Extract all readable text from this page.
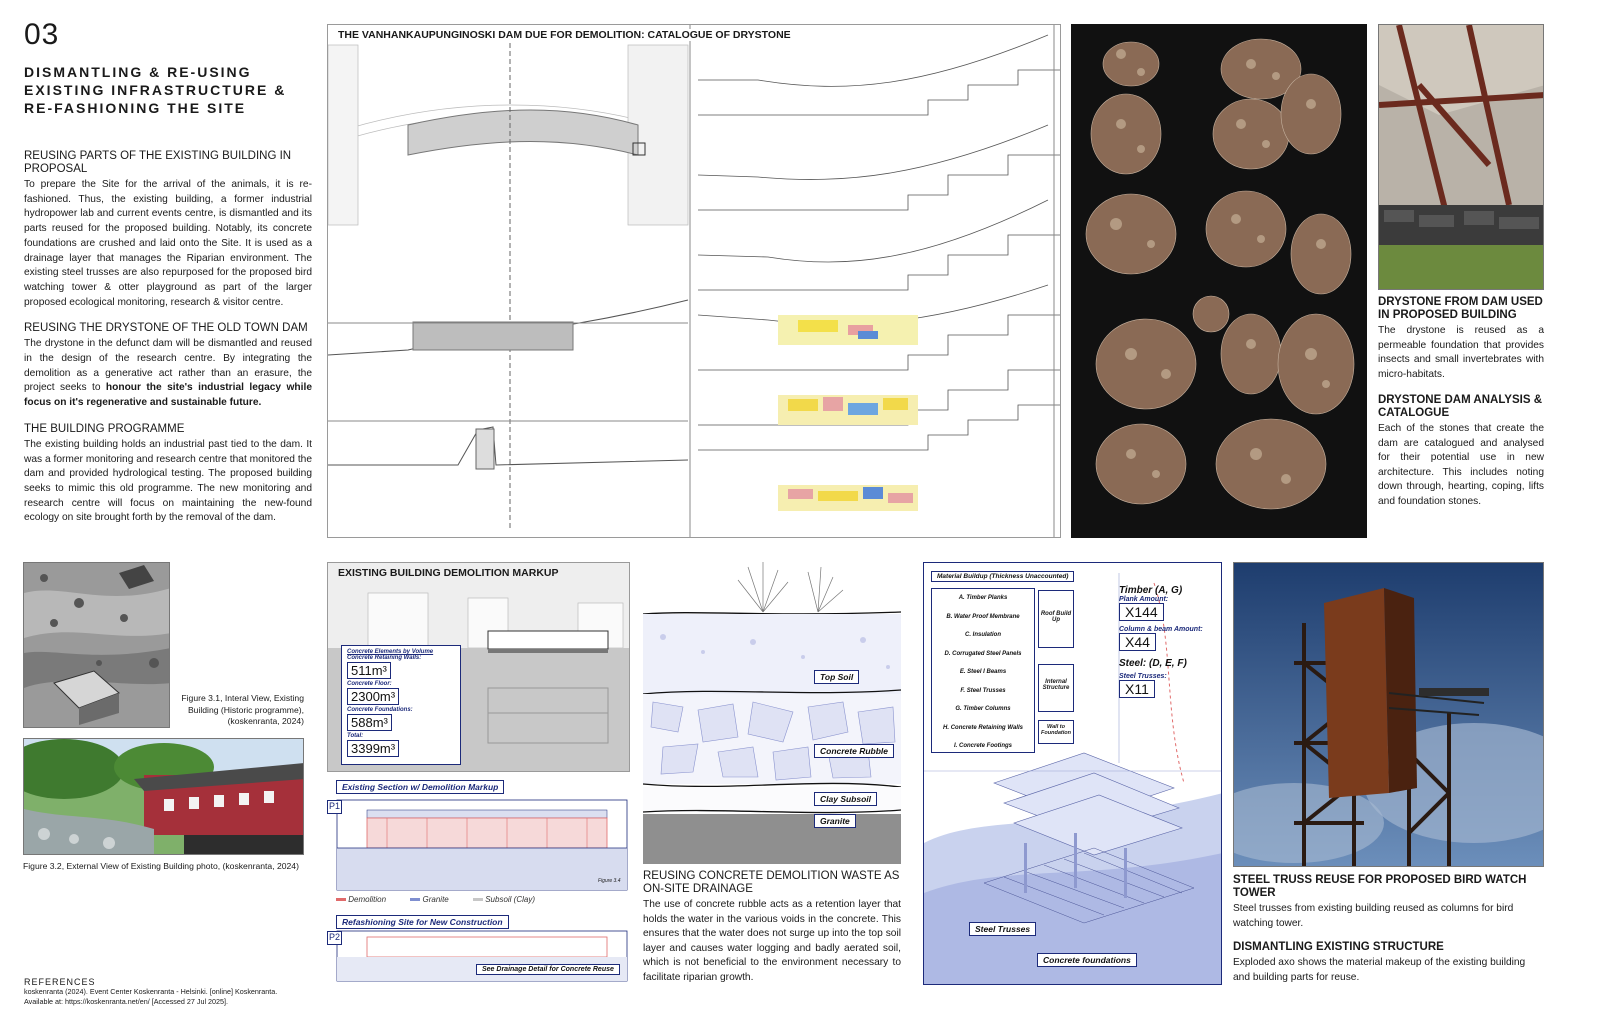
03
DISMANTLING & RE-USING
EXISTING INFRASTRUCTURE &
RE-FASHIONING THE SITE
REUSING PARTS OF THE EXISTING BUILDING IN PROPOSAL
To prepare the Site for the arrival of the animals, it is re-fashioned. Thus, the existing building, a former industrial hydropower lab and current events centre, is dismantled and its parts reused for the proposed building. Notably, its concrete foundations are crushed and laid onto the Site. It is used as a drainage layer that manages the Riparian environment. The existing steel trusses are also repurposed for the proposed bird watching tower & otter playground as part of the larger proposed ecological monitoring, research & visitor centre.
REUSING THE DRYSTONE OF THE OLD TOWN DAM
The drystone in the defunct dam will be dismantled and reused in the design of the research centre. By integrating the demolition as a generative act rather than an erasure, the project seeks to honour the site's industrial legacy while focus on it's regenerative and sustainable future.
THE BUILDING PROGRAMME
The existing building holds an industrial past tied to the dam. It was a former monitoring and research centre that monitored the dam and provided hydrological testing. The proposed building seeks to mimic this old programme. The new monitoring and research centre will focus on maintaining the new-found ecology on site brought forth by the removal of the dam.
Figure 3.1, Interal View, Existing Building (Historic programme), (koskenranta, 2024)
Figure 3.2, External View of Existing Building photo, (koskenranta, 2024)
REFERENCES
koskenranta (2024). Event Center Koskenranta - Helsinki. [online] Koskenranta.
Available at: https://koskenranta.net/en/ [Accessed 27 Jul 2025].
THE VANHANKAUPUNGINOSKI DAM DUE FOR DEMOLITION: CATALOGUE OF DRYSTONE
DRYSTONE FROM DAM USED IN PROPOSED BUILDING
The drystone is reused as a permeable foundation that provides insects and small invertebrates with micro-habitats.
DRYSTONE DAM ANALYSIS & CATALOGUE
Each of the stones that create the dam are catalogued and analysed for their potential use in new architecture. This includes noting down through, hearting, coping, lifts and foundation stones.
EXISTING BUILDING DEMOLITION MARKUP
Concrete Elements by Volume
Concrete Retaining Walls:
511m³
Concrete Floor:
2300m³
Concrete Foundations:
588m³
Total:
3399m³
Existing Section w/ Demolition Markup
P1
Figure 3.4
Demolition	Granite	Subsoil (Clay)
Refashioning Site for New Construction
P2
See Drainage Detail for Concrete Reuse
Top Soil
Concrete Rubble
Clay Subsoil
Granite
REUSING CONCRETE DEMOLITION WASTE AS ON-SITE DRAINAGE
The use of concrete rubble acts as a retention layer that holds the water in the various voids in the concrete. This ensures that the water does not surge up into the top soil layer and causes water logging and badly aerated soil, which is not beneficial to the environment necessary to facilitate riparian growth.
Material Buildup (Thickness Unaccounted)
A. Timber Planks
B. Water Proof Membrane
C. Insulation
D. Corrugated Steel Panels
E. Steel I Beams
F. Steel Trusses
G. Timber Columns
H. Concrete Retaining Walls
I. Concrete Footings
Roof Build Up
Internal Structure
Wall to Foundation
Timber (A, G)
Plank Amount:
X144
Column & beam Amount:
X44
Steel: (D, E, F)
Steel Trusses:
X11
Steel Trusses
Concrete foundations
STEEL TRUSS REUSE FOR PROPOSED BIRD WATCH TOWER
Steel trusses from existing building reused as columns for bird watching tower.
DISMANTLING EXISTING STRUCTURE
Exploded axo shows the material makeup of the existing building and building parts for reuse.
